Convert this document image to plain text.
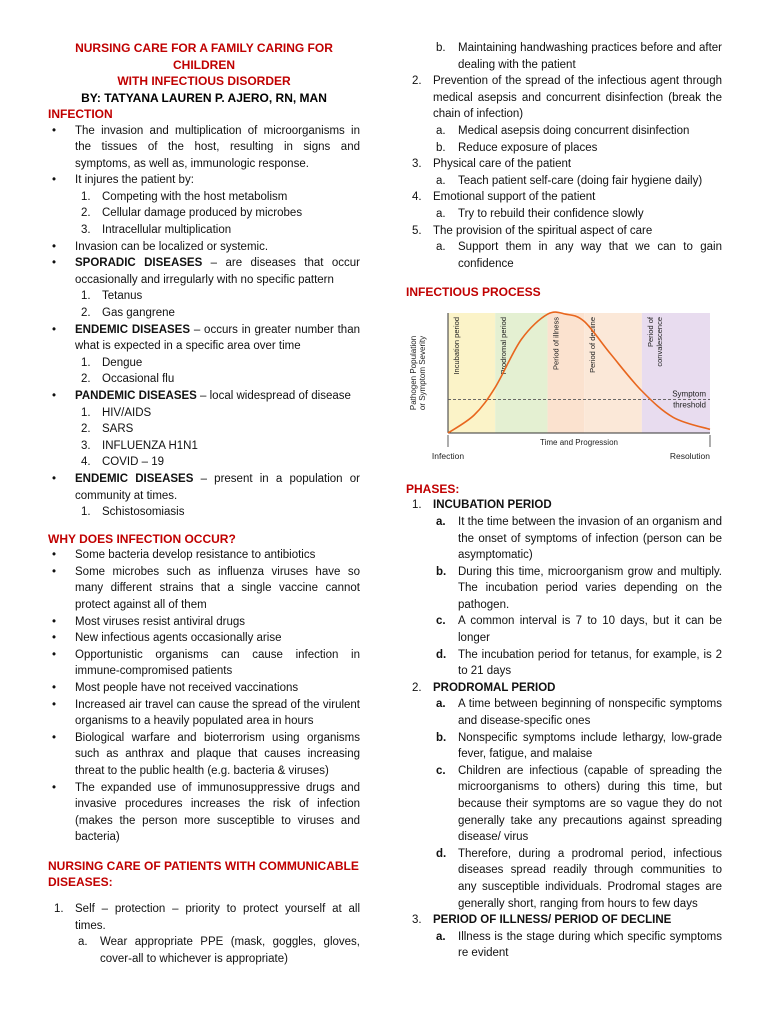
NURSING CARE FOR A FAMILY CARING FOR CHILDREN
WITH INFECTIOUS DISORDER
BY: TATYANA LAUREN P. AJERO, RN, MAN
INFECTION
• The invasion and multiplication of microorganisms in the tissues of the host, resulting in signs and symptoms, as well as, immunologic response.
• It injures the patient by:
1. Competing with the host metabolism
2. Cellular damage produced by microbes
3. Intracellular multiplication
• Invasion can be localized or systemic.
• SPORADIC DISEASES – are diseases that occur occasionally and irregularly with no specific pattern
1. Tetanus
2. Gas gangrene
• ENDEMIC DISEASES – occurs in greater number than what is expected in a specific area over time
1. Dengue
2. Occasional flu
• PANDEMIC DISEASES – local widespread of disease
1. HIV/AIDS
2. SARS
3. INFLUENZA H1N1
4. COVID – 19
• ENDEMIC DISEASES – present in a population or community at times.
1. Schistosomiasis
WHY DOES INFECTION OCCUR?
• Some bacteria develop resistance to antibiotics
• Some microbes such as influenza viruses have so many different strains that a single vaccine cannot protect against all of them
• Most viruses resist antiviral drugs
• New infectious agents occasionally arise
• Opportunistic organisms can cause infection in immune-compromised patients
• Most people have not received vaccinations
• Increased air travel can cause the spread of the virulent organisms to a heavily populated area in hours
• Biological warfare and bioterrorism using organisms such as anthrax and plaque that causes increasing threat to the public health (e.g. bacteria & viruses)
• The expanded use of immunosuppressive drugs and invasive procedures increases the risk of infection (makes the person more susceptible to viruses and bacteria)
NURSING CARE OF PATIENTS WITH COMMUNICABLE DISEASES:
1. Self – protection – priority to protect yourself at all times.
a. Wear appropriate PPE (mask, goggles, gloves, cover-all to whichever is appropriate)
b. Maintaining handwashing practices before and after dealing with the patient
2. Prevention of the spread of the infectious agent through medical asepsis and concurrent disinfection (break the chain of infection)
a. Medical asepsis doing concurrent disinfection
b. Reduce exposure of places
3. Physical care of the patient
a. Teach patient self-care (doing fair hygiene daily)
4. Emotional support of the patient
a. Try to rebuild their confidence slowly
5. The provision of the spiritual aspect of care
a. Support them in any way that we can to gain confidence
INFECTIOUS PROCESS
Incubation period	Prodromal period	Period of illness	Period of decline	Period of convalescence
Symptom
threshold
Pathogen Population or Symptom Severity
Time and Progression
Infection	Resolution
PHASES:
1. INCUBATION PERIOD
a. It the time between the invasion of an organism and the onset of symptoms of infection (person can be asymptomatic)
b. During this time, microorganism grow and multiply. The incubation period varies depending on the pathogen.
c. A common interval is 7 to 10 days, but it can be longer
d. The incubation period for tetanus, for example, is 2 to 21 days
2. PRODROMAL PERIOD
a. A time between beginning of nonspecific symptoms and disease-specific ones
b. Nonspecific symptoms include lethargy, low-grade fever, fatigue, and malaise
c. Children are infectious (capable of spreading the microorganisms to others) during this time, but because their symptoms are so vague they do not generally take any precautions against spreading disease/ virus
d. Therefore, during a prodromal period, infectious diseases spread readily through communities to any susceptible individuals. Prodromal stages are generally short, ranging from hours to few days
3. PERIOD OF ILLNESS/ PERIOD OF DECLINE
a. Illness is the stage during which specific symptoms re evident
